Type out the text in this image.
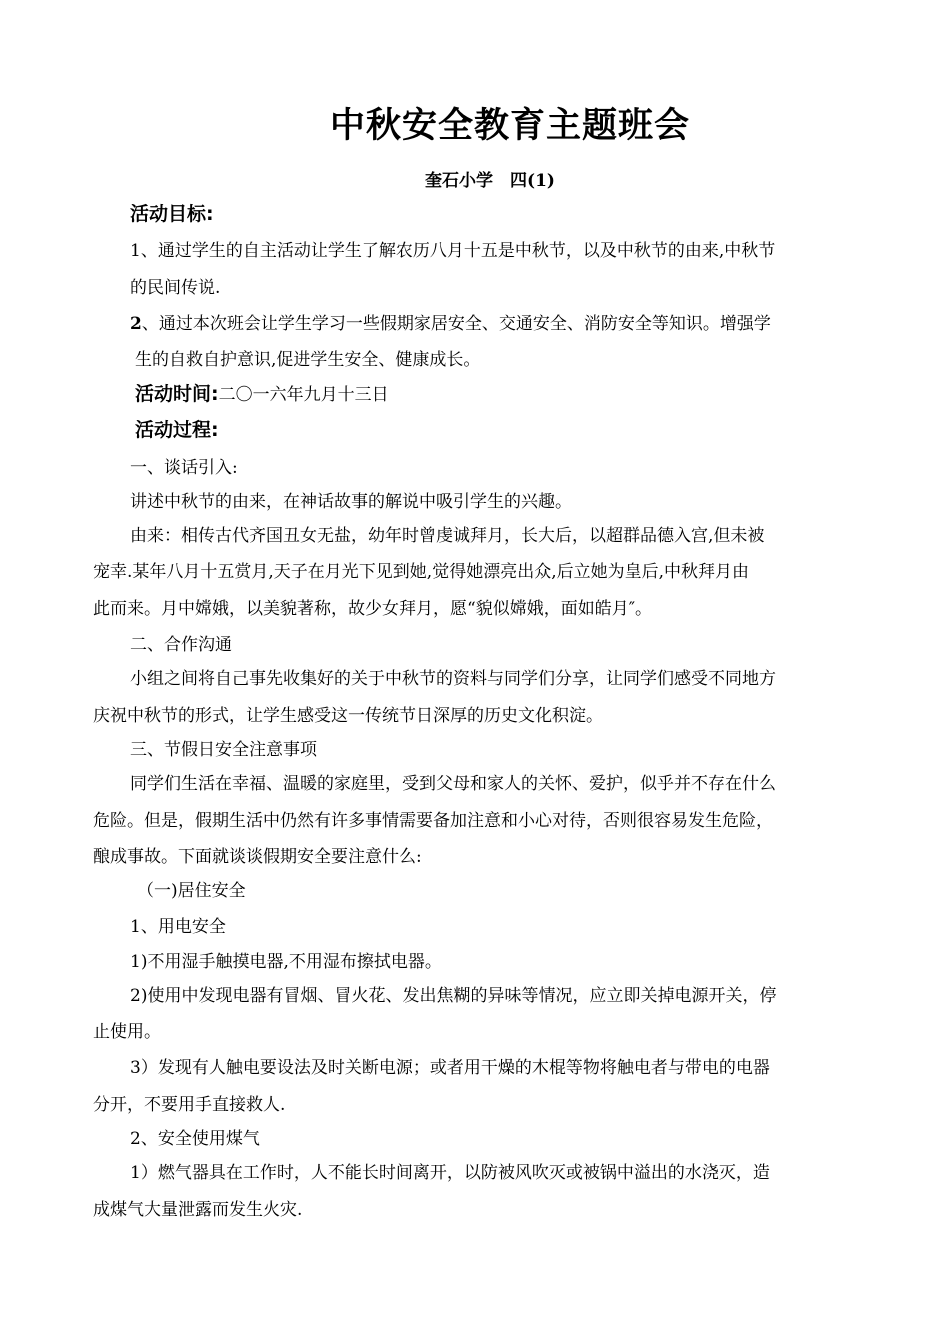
中秋安全教育主题班会
奎石小学　四(1)
活动目标:
1、通过学生的自主活动让学生了解农历八月十五是中秋节，以及中秋节的由来,中秋节
的民间传说.
2、通过本次班会让学生学习一些假期家居安全、交通安全、消防安全等知识。增强学
生的自救自护意识,促进学生安全、健康成长。
活动时间:二〇一六年九月十三日
活动过程:
一、谈话引入:
讲述中秋节的由来，在神话故事的解说中吸引学生的兴趣。
由来：相传古代齐国丑女无盐，幼年时曾虔诚拜月，长大后，以超群品德入宫,但未被
宠幸.某年八月十五赏月,天子在月光下见到她,觉得她漂亮出众,后立她为皇后,中秋拜月由
此而来。月中嫦娥，以美貌著称，故少女拜月，愿“貌似嫦娥，面如皓月″。
二、合作沟通
小组之间将自己事先收集好的关于中秋节的资料与同学们分享，让同学们感受不同地方
庆祝中秋节的形式，让学生感受这一传统节日深厚的历史文化积淀。
三、节假日安全注意事项
同学们生活在幸福、温暖的家庭里，受到父母和家人的关怀、爱护，似乎并不存在什么
危险。但是，假期生活中仍然有许多事情需要备加注意和小心对待，否则很容易发生危险，
酿成事故。下面就谈谈假期安全要注意什么:
（一)居住安全
1、用电安全
1)不用湿手触摸电器,不用湿布擦拭电器。
2)使用中发现电器有冒烟、冒火花、发出焦糊的异味等情况，应立即关掉电源开关，停
止使用。
3）发现有人触电要设法及时关断电源；或者用干燥的木棍等物将触电者与带电的电器
分开，不要用手直接救人.
2、安全使用煤气
1）燃气器具在工作时，人不能长时间离开，以防被风吹灭或被锅中溢出的水浇灭，造
成煤气大量泄露而发生火灾.
